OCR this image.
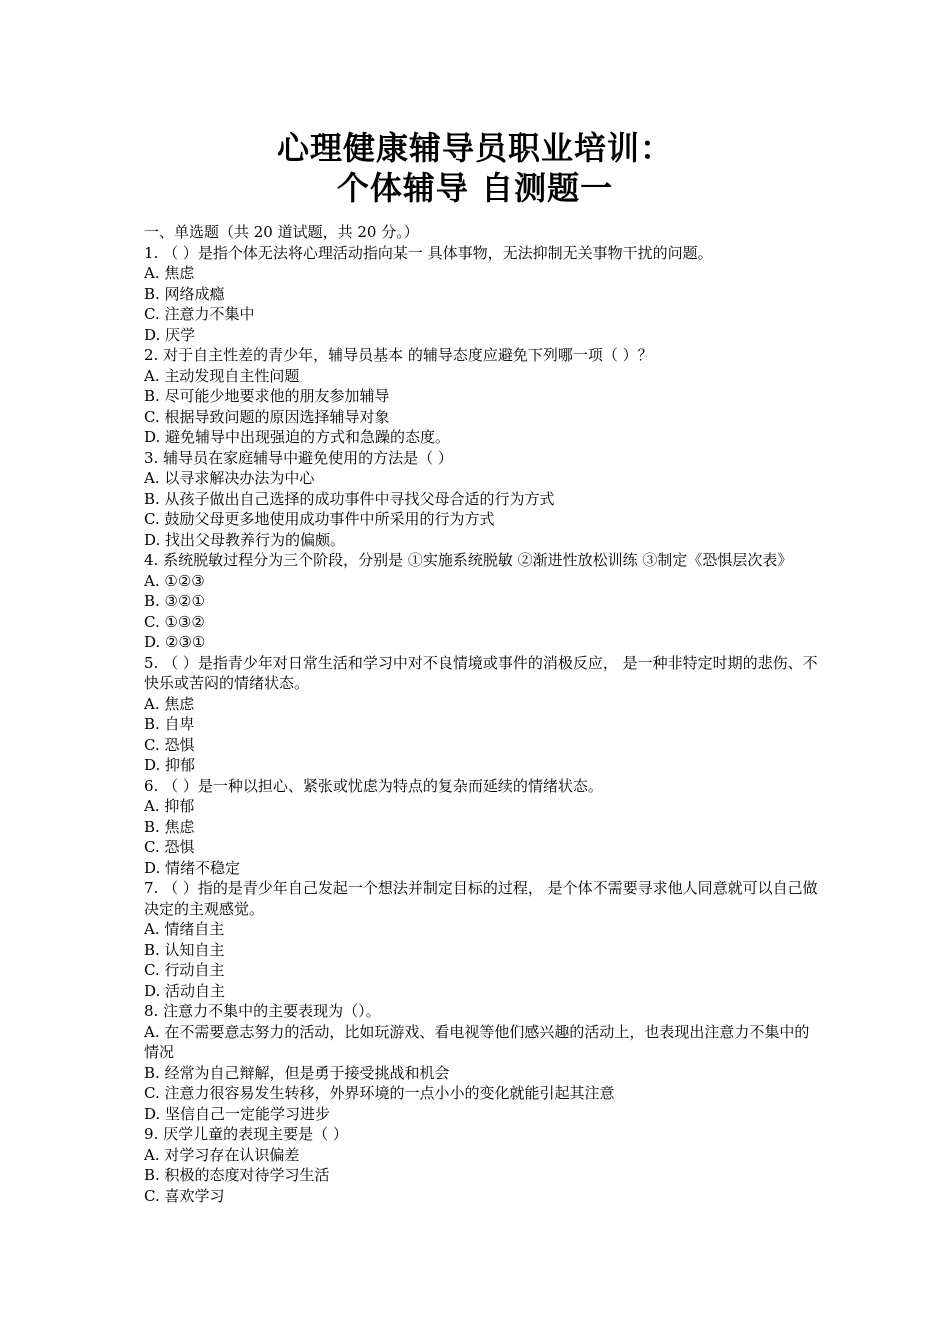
心理健康辅导员职业培训：
个体辅导 自测题一
一、单选题（共 20 道试题，共 20 分。）
1. （ ）是指个体无法将心理活动指向某一 具体事物，无法抑制无关事物干扰的问题。
A. 焦虑
B. 网络成瘾
C. 注意力不集中
D. 厌学
2. 对于自主性差的青少年，辅导员基本 的辅导态度应避免下列哪一项（ ）？
A. 主动发现自主性问题
B. 尽可能少地要求他的朋友参加辅导
C. 根据导致问题的原因选择辅导对象
D. 避免辅导中出现强迫的方式和急躁的态度。
3. 辅导员在家庭辅导中避免使用的方法是（ ）
A. 以寻求解决办法为中心
B. 从孩子做出自己选择的成功事件中寻找父母合适的行为方式
C. 鼓励父母更多地使用成功事件中所采用的行为方式
D. 找出父母教养行为的偏颇。
4. 系统脱敏过程分为三个阶段，分别是 ①实施系统脱敏 ②渐进性放松训练 ③制定《恐惧层次表》
A. ①②③
B. ③②①
C. ①③②
D. ②③①
5. （ ）是指青少年对日常生活和学习中对不良情境或事件的消极反应， 是一种非特定时期的悲伤、不快乐或苦闷的情绪状态。
A. 焦虑
B. 自卑
C. 恐惧
D. 抑郁
6. （ ）是一种以担心、紧张或忧虑为特点的复杂而延续的情绪状态。
A. 抑郁
B. 焦虑
C. 恐惧
D. 情绪不稳定
7. （ ）指的是青少年自己发起一个想法并制定目标的过程， 是个体不需要寻求他人同意就可以自己做决定的主观感觉。
A. 情绪自主
B. 认知自主
C. 行动自主
D. 活动自主
8. 注意力不集中的主要表现为（）。
A. 在不需要意志努力的活动，比如玩游戏、看电视等他们感兴趣的活动上，也表现出注意力不集中的情况
B. 经常为自己辩解，但是勇于接受挑战和机会
C. 注意力很容易发生转移，外界环境的一点小小的变化就能引起其注意
D. 坚信自己一定能学习进步
9. 厌学儿童的表现主要是（ ）
A. 对学习存在认识偏差
B. 积极的态度对待学习生活
C. 喜欢学习
